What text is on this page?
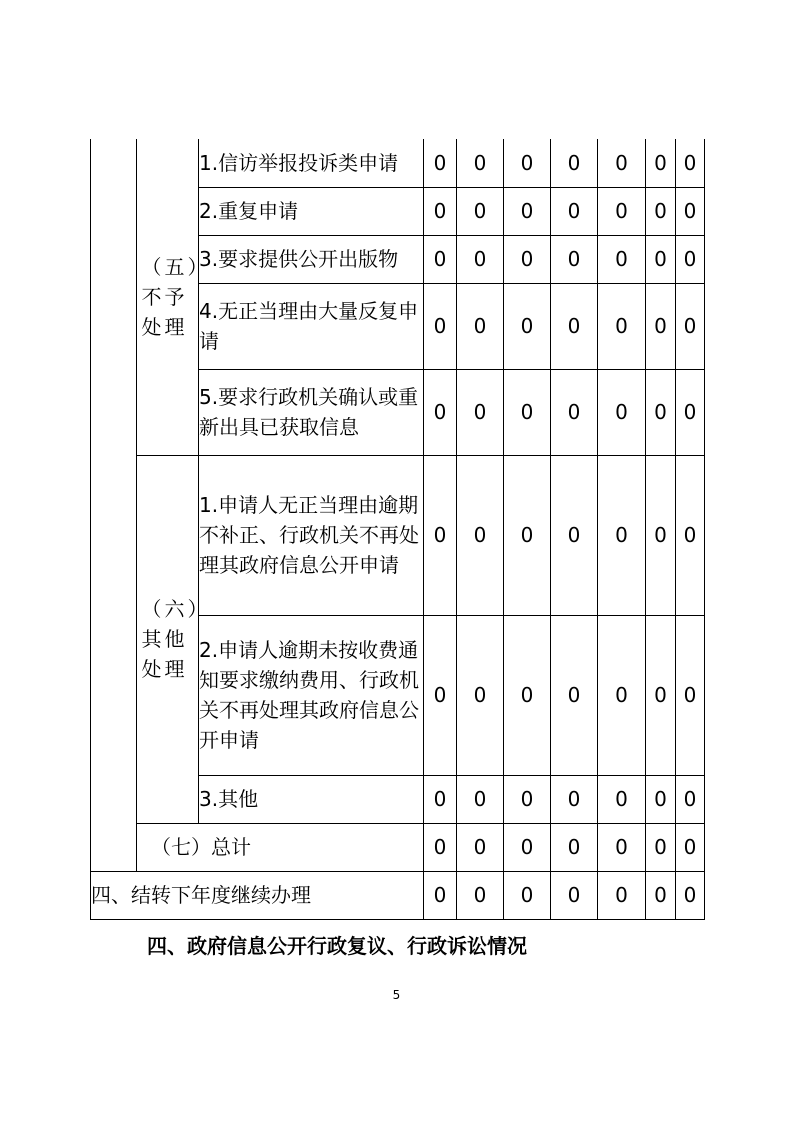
	（五）不予处理	1.信访举报投诉类申请	0	0	0	0	0	0	0
		2.重复申请	0	0	0	0	0	0	0
		3.要求提供公开出版物	0	0	0	0	0	0	0
		4.无正当理由大量反复申请	0	0	0	0	0	0	0
		5.要求行政机关确认或重新出具已获取信息	0	0	0	0	0	0	0
	（六）其他处理	1.申请人无正当理由逾期不补正、行政机关不再处理其政府信息公开申请	0	0	0	0	0	0	0
		2.申请人逾期未按收费通知要求缴纳费用、行政机关不再处理其政府信息公开申请	0	0	0	0	0	0	0
		3.其他	0	0	0	0	0	0	0
	（七）总计		0	0	0	0	0	0	0
四、结转下年度继续办理			0	0	0	0	0	0	0
四、政府信息公开行政复议、行政诉讼情况
5
